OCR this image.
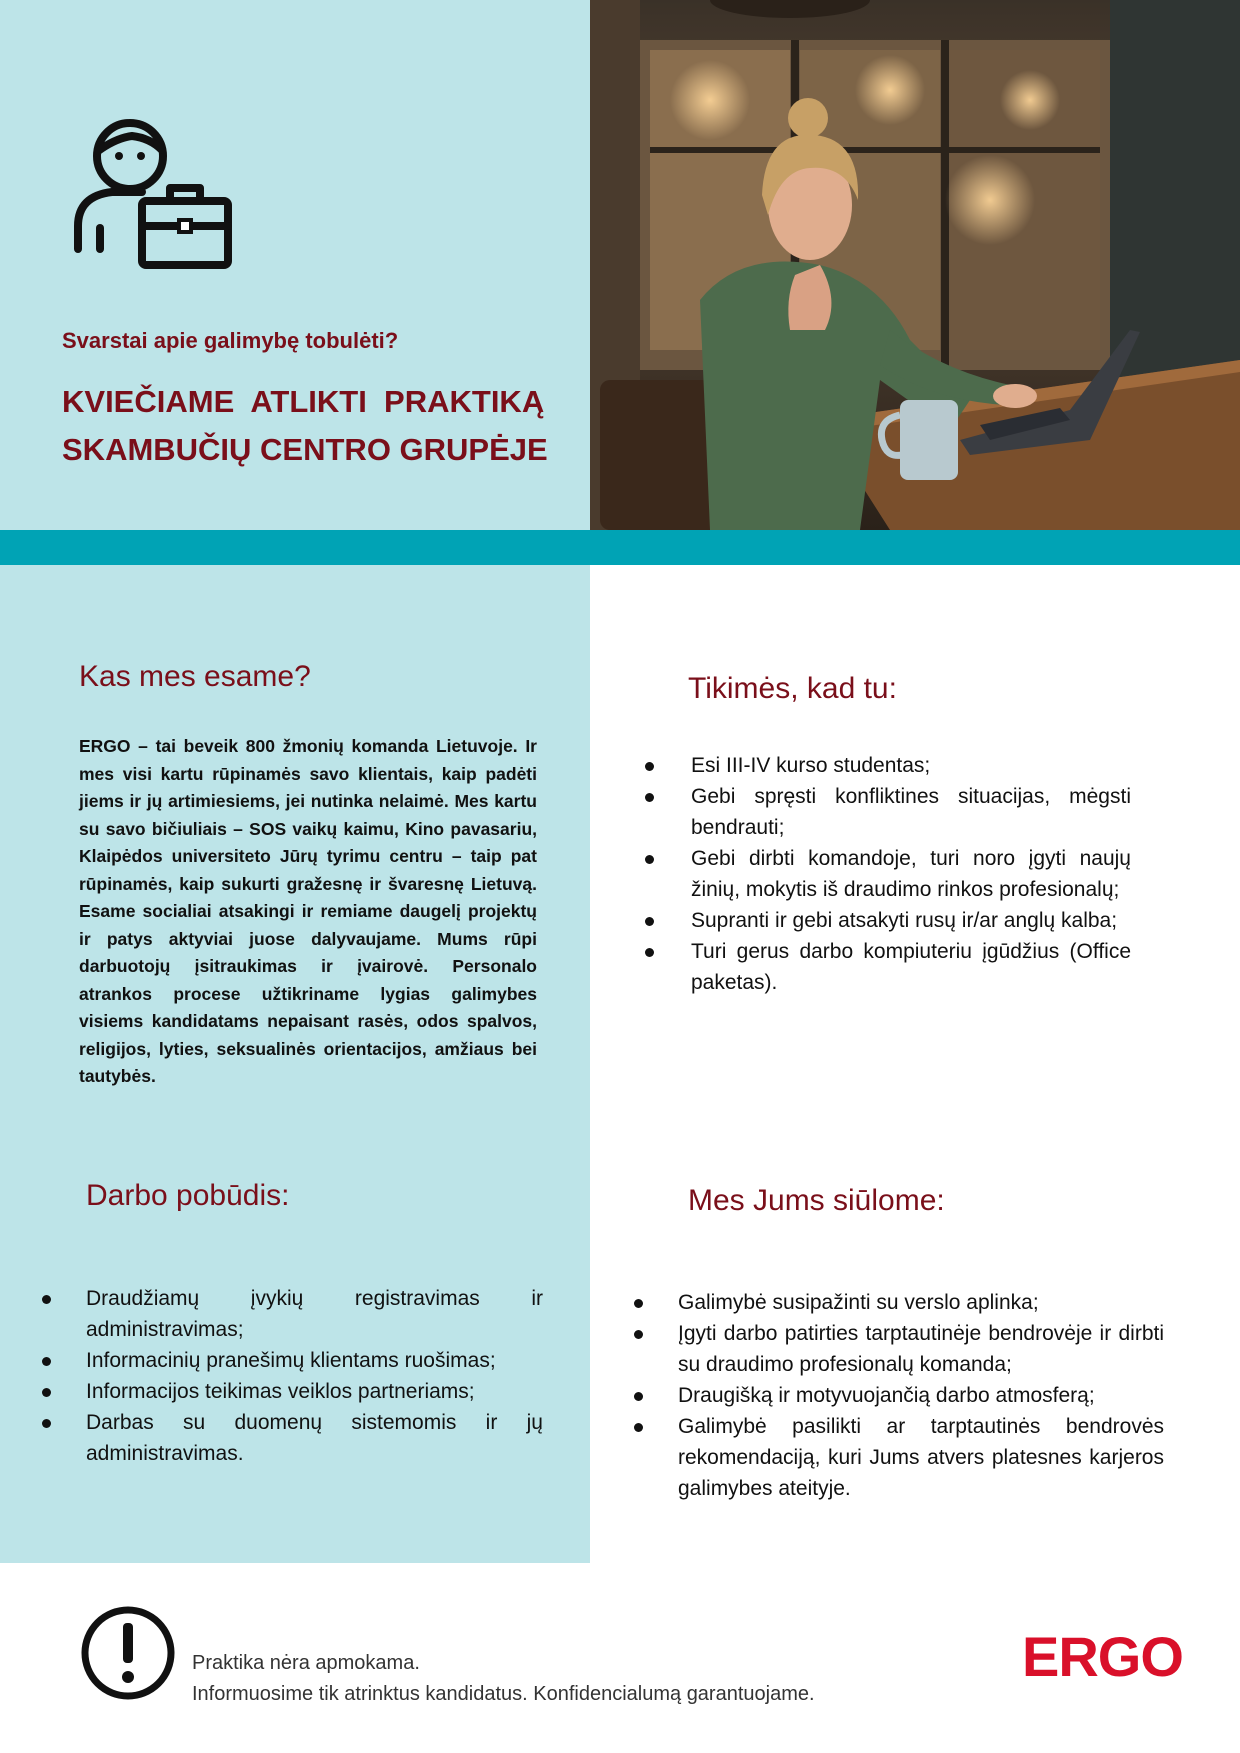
Svarstai apie galimybę tobulėti?
KVIEČIAME  ATLIKTI  PRAKTIKĄ
SKAMBUČIŲ CENTRO GRUPĖJE
Kas mes esame?
ERGO – tai beveik 800 žmonių komanda Lietuvoje. Ir mes visi kartu rūpinamės savo klientais, kaip padėti jiems ir jų artimiesiems, jei nutinka nelaimė. Mes kartu su savo bičiuliais – SOS vaikų kaimu, Kino pavasariu, Klaipėdos universiteto Jūrų tyrimu centru – taip pat rūpinamės, kaip sukurti gražesnę ir švaresnę Lietuvą. Esame socialiai atsakingi ir remiame daugelį projektų ir patys aktyviai juose dalyvaujame. Mums rūpi darbuotojų įsitraukimas ir įvairovė. Personalo atrankos procese užtikriname lygias galimybes visiems kandidatams nepaisant rasės, odos spalvos, religijos, lyties, seksualinės orientacijos, amžiaus bei tautybės.
Tikimės, kad tu:
Esi III-IV kurso studentas;
Gebi spręsti konfliktines situacijas, mėgsti bendrauti;
Gebi dirbti komandoje, turi noro įgyti naujų žinių, mokytis iš draudimo rinkos profesionalų;
Supranti ir gebi atsakyti rusų ir/ar anglų kalba;
Turi gerus darbo kompiuteriu įgūdžius (Office paketas).
Darbo pobūdis:
Draudžiamų įvykių registravimas ir administravimas;
Informacinių pranešimų klientams ruošimas;
Informacijos teikimas veiklos partneriams;
Darbas su duomenų sistemomis ir jų administravimas.
Mes Jums siūlome:
Galimybė susipažinti su verslo aplinka;
Įgyti darbo patirties tarptautinėje bendrovėje ir dirbti su draudimo profesionalų komanda;
Draugišką ir motyvuojančią darbo atmosferą;
Galimybė pasilikti ar tarptautinės bendrovės rekomendaciją, kuri Jums atvers platesnes karjeros galimybes ateityje.
Praktika nėra apmokama.
Informuosime tik atrinktus kandidatus. Konfidencialumą garantuojame.
ERGO
